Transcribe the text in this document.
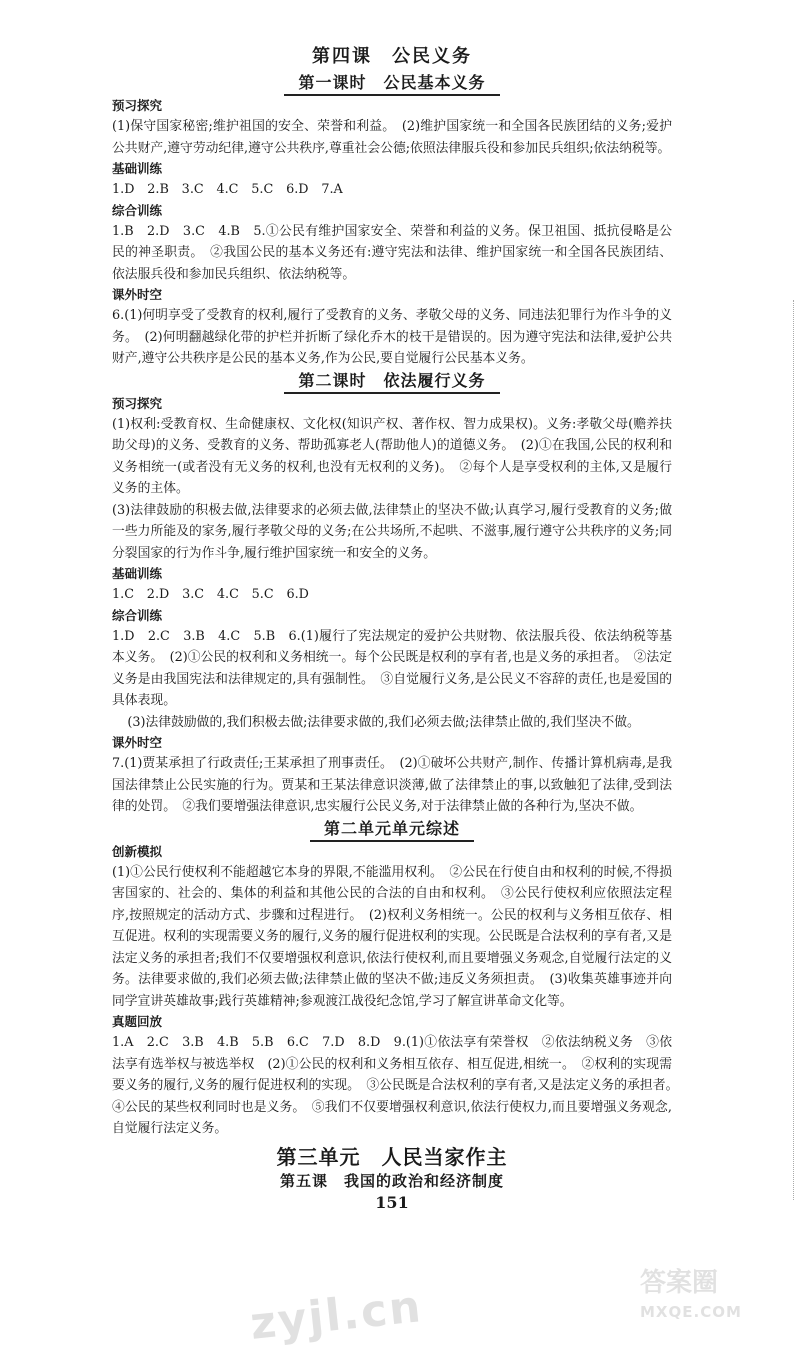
第四课　公民义务
第一课时　公民基本义务

预习探究

(1)保守国家秘密;维护祖国的安全、荣誉和利益。　(2)维护国家统一和全国各民族团结的义务;爱护公共财产,遵守劳动纪律,遵守公共秩序,尊重社会公德;依照法律服兵役和参加民兵组织;依法纳税等。

基础训练

1.D　2.B　3.C　4.C　5.C　6.D　7.A

综合训练

1.B　2.D　3.C　4.B　5.①公民有维护国家安全、荣誉和利益的义务。保卫祖国、抵抗侵略是公民的神圣职责。　②我国公民的基本义务还有:遵守宪法和法律、维护国家统一和全国各民族团结、依法服兵役和参加民兵组织、依法纳税等。

课外时空

6.(1)何明享受了受教育的权利,履行了受教育的义务、孝敬父母的义务、同违法犯罪行为作斗争的义务。　(2)何明翻越绿化带的护栏并折断了绿化乔木的枝干是错误的。因为遵守宪法和法律,爱护公共财产,遵守公共秩序是公民的基本义务,作为公民,要自觉履行公民基本义务。

第二课时　依法履行义务

预习探究

(1)权利:受教育权、生命健康权、文化权(知识产权、著作权、智力成果权)。义务:孝敬父母(赡养扶助父母)的义务、受教育的义务、帮助孤寡老人(帮助他人)的道德义务。　(2)①在我国,公民的权利和义务相统一(或者没有无义务的权利,也没有无权利的义务)。　②每个人是享受权利的主体,又是履行义务的主体。

(3)法律鼓励的积极去做,法律要求的必须去做,法律禁止的坚决不做;认真学习,履行受教育的义务;做一些力所能及的家务,履行孝敬父母的义务;在公共场所,不起哄、不滋事,履行遵守公共秩序的义务;同分裂国家的行为作斗争,履行维护国家统一和安全的义务。

基础训练

1.C　2.D　3.C　4.C　5.C　6.D

综合训练

1.D　2.C　3.B　4.C　5.B　6.(1)履行了宪法规定的爱护公共财物、依法服兵役、依法纳税等基本义务。　(2)①公民的权利和义务相统一。每个公民既是权利的享有者,也是义务的承担者。　②法定义务是由我国宪法和法律规定的,具有强制性。　③自觉履行义务,是公民义不容辞的责任,也是爱国的具体表现。

(3)法律鼓励做的,我们积极去做;法律要求做的,我们必须去做;法律禁止做的,我们坚决不做。

课外时空

7.(1)贾某承担了行政责任;王某承担了刑事责任。　(2)①破坏公共财产,制作、传播计算机病毒,是我国法律禁止公民实施的行为。贾某和王某法律意识淡薄,做了法律禁止的事,以致触犯了法律,受到法律的处罚。　②我们要增强法律意识,忠实履行公民义务,对于法律禁止做的各种行为,坚决不做。

第二单元单元综述

创新模拟

(1)①公民行使权利不能超越它本身的界限,不能滥用权利。　②公民在行使自由和权利的时候,不得损害国家的、社会的、集体的利益和其他公民的合法的自由和权利。　③公民行使权利应依照法定程序,按照规定的活动方式、步骤和过程进行。　(2)权利义务相统一。公民的权利与义务相互依存、相互促进。权利的实现需要义务的履行,义务的履行促进权利的实现。公民既是合法权利的享有者,又是法定义务的承担者;我们不仅要增强权利意识,依法行使权利,而且要增强义务观念,自觉履行法定的义务。法律要求做的,我们必须去做;法律禁止做的坚决不做;违反义务须担责。　(3)收集英雄事迹并向同学宣讲英雄故事;践行英雄精神;参观渡江战役纪念馆,学习了解宣讲革命文化等。

真题回放

1.A　2.C　3.B　4.B　5.B　6.C　7.D　8.D　9.(1)①依法享有荣誉权　②依法纳税义务　③依法享有选举权与被选举权　(2)①公民的权利和义务相互依存、相互促进,相统一。　②权利的实现需要义务的履行,义务的履行促进权利的实现。　③公民既是合法权利的享有者,又是法定义务的承担者。　④公民的某些权利同时也是义务。　⑤我们不仅要增强权利意识,依法行使权力,而且要增强义务观念,自觉履行法定义务。

第三单元　人民当家作主
第五课　我国的政治和经济制度
151
zyjl.cn	答案圈
MXQE.COM
